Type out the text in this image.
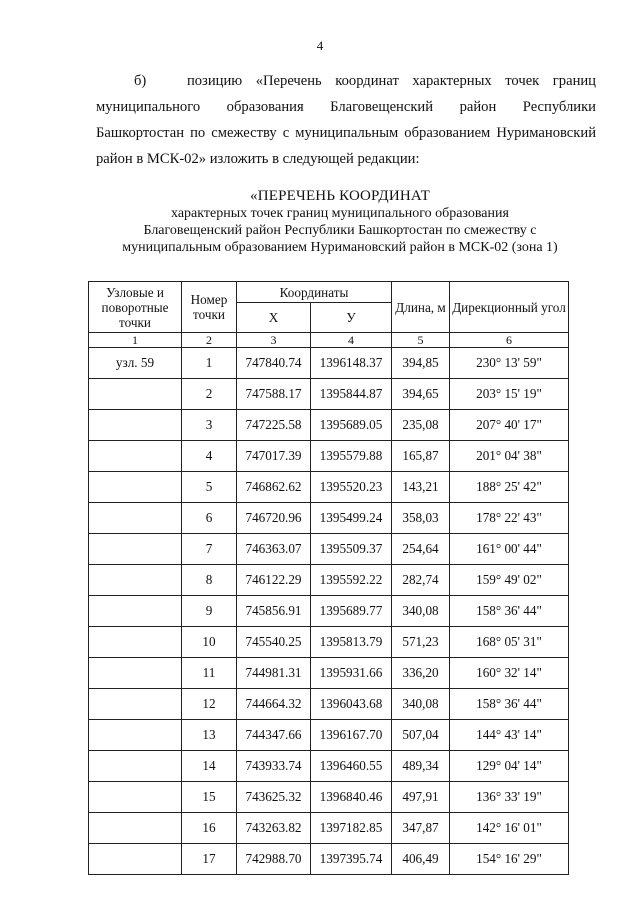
4
б)	позицию «Перечень координат характерных точек границ муниципального образования Благовещенский район Республики Башкортостан по смежеству с муниципальным образованием Нуримановский район в МСК-02» изложить в следующей редакции:
«ПЕРЕЧЕНЬ КООРДИНАТ
характерных точек границ муниципального образования
Благовещенский район Республики Башкортостан по смежеству с
муниципальным образованием Нуримановский район в МСК-02 (зона 1)
Узловые и поворотные точки	Номер точки	Координаты		Длина, м	Дирекционный угол
		Х	У		
1	2	3	4	5	6
узл. 59	1	747840.74	1396148.37	394,85	230° 13' 59"
	2	747588.17	1395844.87	394,65	203° 15' 19"
	3	747225.58	1395689.05	235,08	207° 40' 17"
	4	747017.39	1395579.88	165,87	201° 04' 38"
	5	746862.62	1395520.23	143,21	188° 25' 42"
	6	746720.96	1395499.24	358,03	178° 22' 43"
	7	746363.07	1395509.37	254,64	161° 00' 44"
	8	746122.29	1395592.22	282,74	159° 49' 02"
	9	745856.91	1395689.77	340,08	158° 36' 44"
	10	745540.25	1395813.79	571,23	168° 05' 31"
	11	744981.31	1395931.66	336,20	160° 32' 14"
	12	744664.32	1396043.68	340,08	158° 36' 44"
	13	744347.66	1396167.70	507,04	144° 43' 14"
	14	743933.74	1396460.55	489,34	129° 04' 14"
	15	743625.32	1396840.46	497,91	136° 33' 19"
	16	743263.82	1397182.85	347,87	142° 16' 01"
	17	742988.70	1397395.74	406,49	154° 16' 29"
